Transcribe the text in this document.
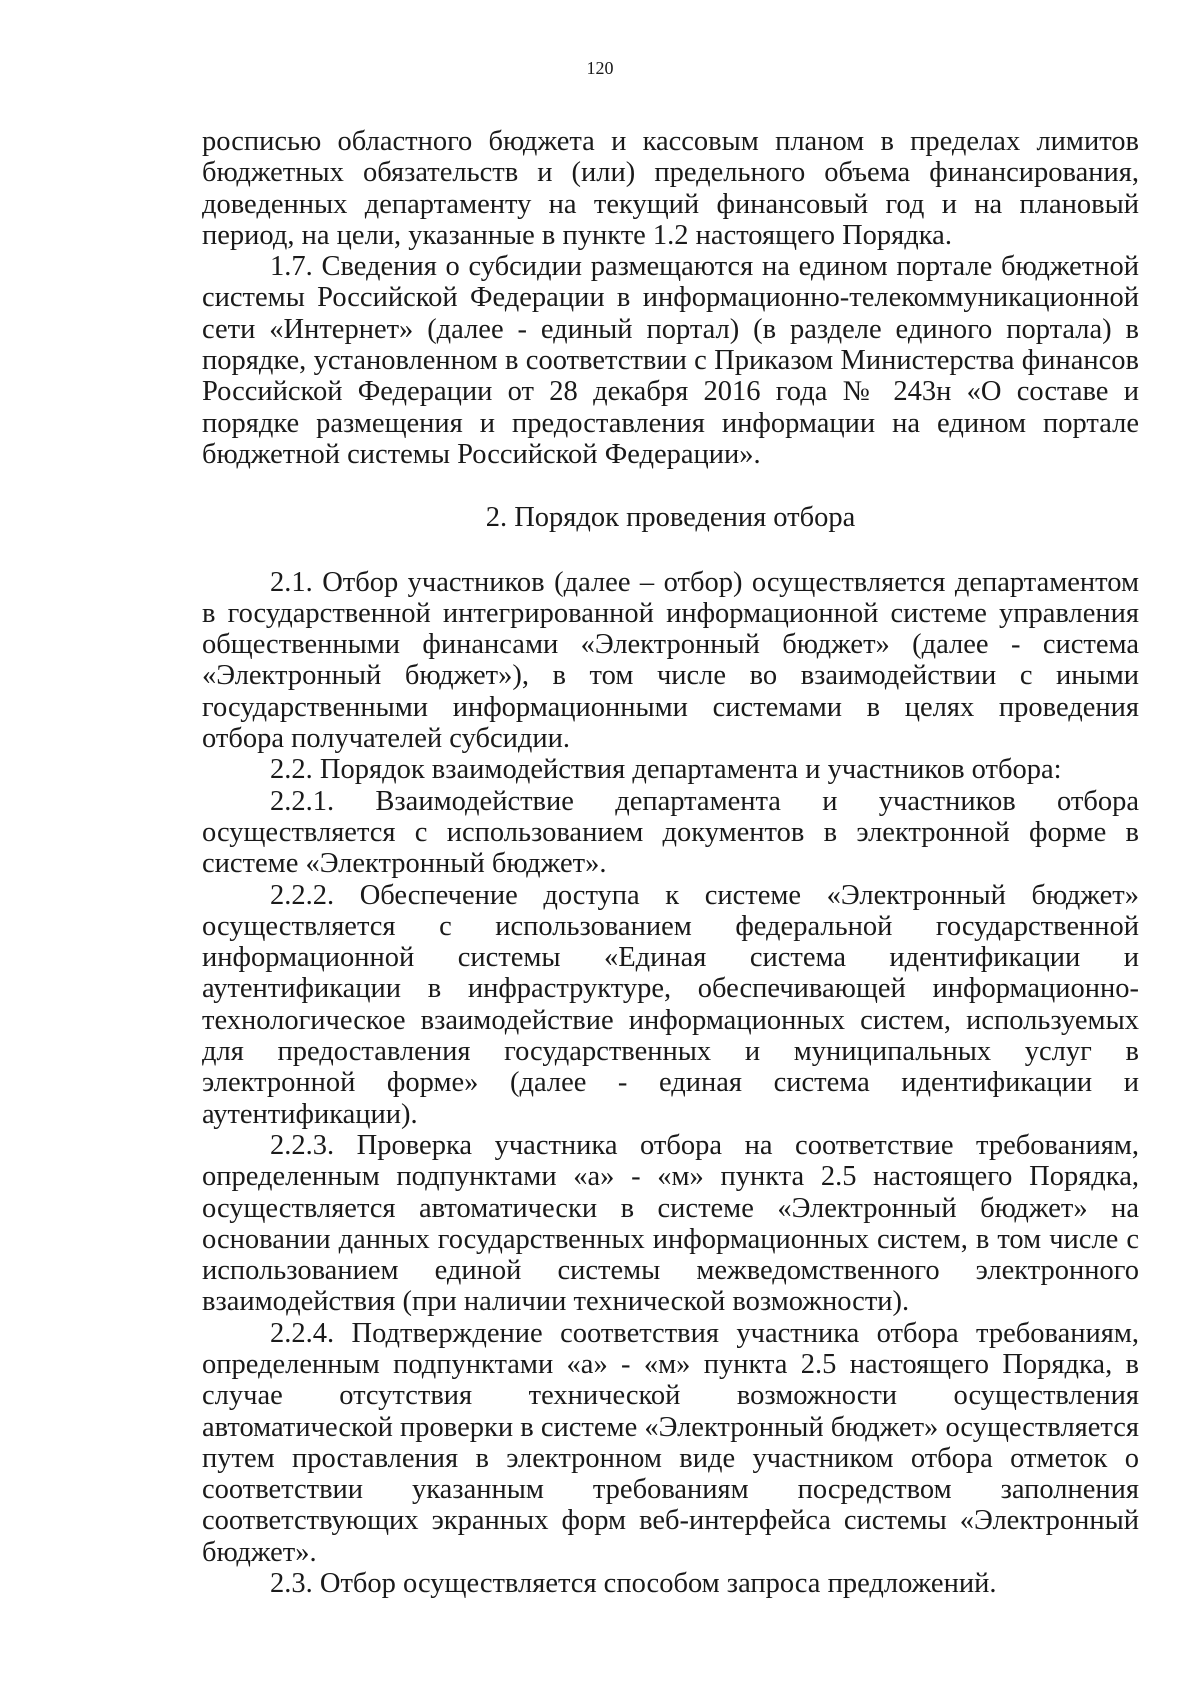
120

росписью областного бюджета и кассовым планом в пределах лимитов бюджетных обязательств и (или) предельного объема финансирования, доведенных департаменту на текущий финансовый год и на плановый период, на цели, указанные в пункте 1.2 настоящего Порядка.

1.7. Сведения о субсидии размещаются на едином портале бюджетной системы Российской Федерации в информационно-телекоммуникационной сети «Интернет» (далее - единый портал) (в разделе единого портала) в порядке, установленном в соответствии с Приказом Министерства финансов Российской Федерации от 28 декабря 2016 года № 243н «О составе и порядке размещения и предоставления информации на едином портале бюджетной системы Российской Федерации».

2. Порядок проведения отбора

2.1. Отбор участников (далее – отбор) осуществляется департаментом в государственной интегрированной информационной системе управления общественными финансами «Электронный бюджет» (далее - система «Электронный бюджет»), в том числе во взаимодействии с иными государственными информационными системами в целях проведения отбора получателей субсидии.

2.2. Порядок взаимодействия департамента и участников отбора:

2.2.1. Взаимодействие департамента и участников отбора осуществляется с использованием документов в электронной форме в системе «Электронный бюджет».

2.2.2. Обеспечение доступа к системе «Электронный бюджет» осуществляется с использованием федеральной государственной информационной системы «Единая система идентификации и аутентификации в инфраструктуре, обеспечивающей информационно-технологическое взаимодействие информационных систем, используемых для предоставления государственных и муниципальных услуг в электронной форме» (далее - единая система идентификации и аутентификации).

2.2.3. Проверка участника отбора на соответствие требованиям, определенным подпунктами «а» - «м» пункта 2.5 настоящего Порядка, осуществляется автоматически в системе «Электронный бюджет» на основании данных государственных информационных систем, в том числе с использованием единой системы межведомственного электронного взаимодействия (при наличии технической возможности).

2.2.4. Подтверждение соответствия участника отбора требованиям, определенным подпунктами «а» - «м» пункта 2.5 настоящего Порядка, в случае отсутствия технической возможности осуществления автоматической проверки в системе «Электронный бюджет» осуществляется путем проставления в электронном виде участником отбора отметок о соответствии указанным требованиям посредством заполнения соответствующих экранных форм веб-интерфейса системы «Электронный бюджет».

2.3. Отбор осуществляется способом запроса предложений.
